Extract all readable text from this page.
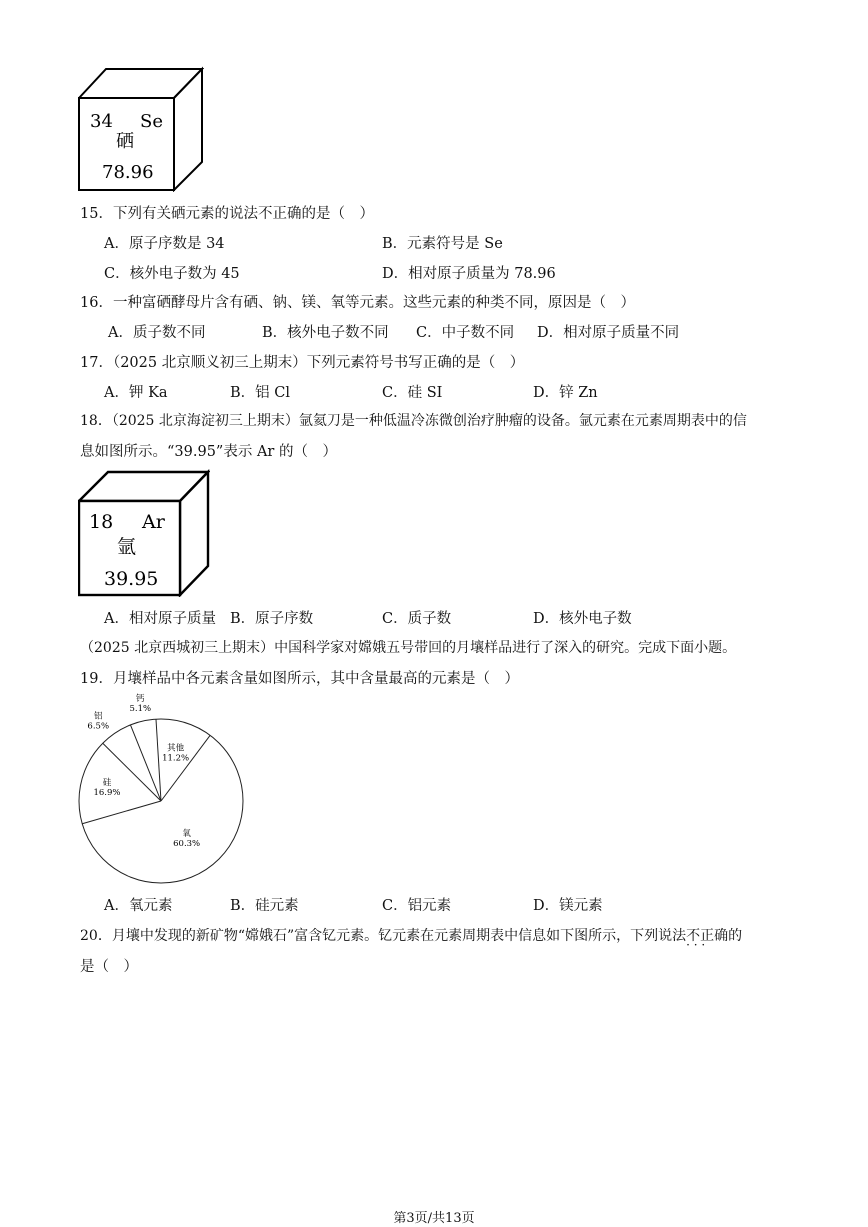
34 Se
硒
78.96
15．下列有关硒元素的说法不正确的是（　）
A．原子序数是 34	B．元素符号是 Se
C．核外电子数为 45	D．相对原子质量为 78.96
16．一种富硒酵母片含有硒、钠、镁、氧等元素。这些元素的种类不同，原因是（　）
A．质子数不同	B．核外电子数不同 C．中子数不同 D．相对原子质量不同
17．（2025 北京顺义初三上期末）下列元素符号书写正确的是（　）
A．钾 Ka	B．铝 Cl	C．硅 SI	D．锌 Zn
18．（2025 北京海淀初三上期末）氩氦刀是一种低温冷冻微创治疗肿瘤的设备。氩元素在元素周期表中的信
息如图所示。“39.95”表示 Ar 的（　）
18 Ar
氩
39.95
A．相对原子质量 B．原子序数	C．质子数	D．核外电子数
（2025 北京西城初三上期末）中国科学家对嫦娥五号带回的月壤样品进行了深入的研究。完成下面小题。
19．月壤样品中各元素含量如图所示，其中含量最高的元素是（　）
其他
11.2%
氧
60.3%
硅
16.9%
铝
6.5%
钙
5.1%
A．氧元素	B．硅元素	C．铝元素	D．镁元素
20．月壤中发现的新矿物“嫦娥石”富含钇元素。钇元素在元素周期表中信息如下图所示，下列说法不正确 · · ·的
是（　）
第3页/共13页
